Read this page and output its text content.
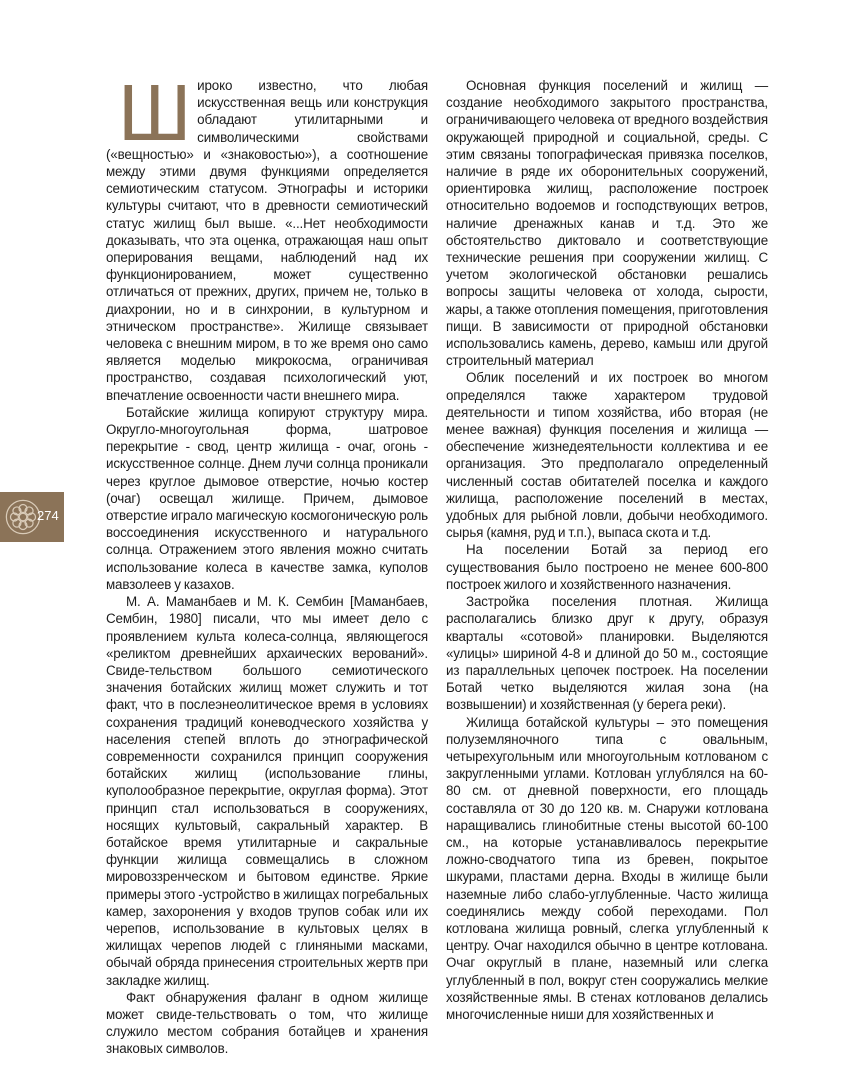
Широко известно, что любая искусственная вещь или конструкция обладают утилитарными и символическими свойствами («вещностью» и «знаковостью»), а соотношение между этими двумя функциями определяется семиотическим статусом. Этнографы и историки культуры считают, что в древности семиотический статус жилищ был выше. «...Нет необходимости доказывать, что эта оценка, отражающая наш опыт оперирования вещами, наблюдений над их функционированием, может существенно отличаться от прежних, других, причем не, только в диахронии, но и в синхронии, в культурном и этническом пространстве». Жилище связывает человека с внешним миром, в то же время оно само является моделью микрокосма, ограничивая пространство, создавая психологический уют, впечатление освоенности части внешнего мира.

Ботайские жилища копируют структуру мира. Округло-многоугольная форма, шатровое перекрытие - свод, центр жилища - очаг, огонь - искусственное солнце. Днем лучи солнца проникали через круглое дымовое отверстие, ночью костер (очаг) освещал жилище. Причем, дымовое отверстие играло магическую космогоническую роль воссоединения искусственного и натурального солнца. Отражением этого явления можно считать использование колеса в качестве замка, куполов мавзолеев у казахов.

М. А. Маманбаев и М. К. Сембин [Маманбаев, Сембин, 1980] писали, что мы имеет дело с проявлением культа колеса-солнца, являющегося «реликтом древнейших архаических верований». Свиде-тельством большого семиотического значения ботайских жилищ может служить и тот факт, что в послеэнеолитическое время в условиях сохранения традиций коневодческого хозяйства у населения степей вплоть до этнографической современности сохранился принцип сооружения ботайских жилищ (использование глины, куполообразное перекрытие, округлая форма). Этот принцип стал использоваться в сооружениях, носящих культовый, сакральный характер. В ботайское время утилитарные и сакральные функции жилища совмещались в сложном мировоззренческом и бытовом единстве. Яркие примеры этого -устройство в жилищах погребальных камер, захоронения у входов трупов собак или их черепов, использование в культовых целях в жилищах черепов людей с глиняными масками, обычай обряда принесения строительных жертв при закладке жилищ.

Факт обнаружения фаланг в одном жилище может свиде-тельствовать о том, что жилище служило местом собрания ботайцев и хранения знаковых символов.

Основная функция поселений и жилищ — создание необходимого закрытого пространства, ограничивающего человека от вредного воздействия окружающей природной и социальной, среды. С этим связаны топографическая привязка поселков, наличие в ряде их оборонительных сооружений, ориентировка жилищ, расположение построек относительно водоемов и господствующих ветров, наличие дренажных канав и т.д. Это же обстоятельство диктовало и соответствующие технические решения при сооружении жилищ. С учетом экологической обстановки решались вопросы защиты человека от холода, сырости, жары, а также отопления помещения, приготовления пищи. В зависимости от природной обстановки использовались камень, дерево, камыш или другой строительный материал

Облик поселений и их построек во многом определялся также характером трудовой деятельности и типом хозяйства, ибо вторая (не менее важная) функция поселения и жилища — обеспечение жизнедеятельности коллектива и ее организация. Это предполагало определенный численный состав обитателей поселка и каждого жилища, расположение поселений в местах, удобных для рыбной ловли, добычи необходимого. сырья (камня, руд и т.п.), выпаса скота и т.д.

На поселении Ботай за период его существования было построено не менее 600-800 построек жилого и хозяйственного назначения.

Застройка поселения плотная. Жилища располагались близко друг к другу, образуя кварталы «сотовой» планировки. Выделяются «улицы» шириной 4-8 и длиной до 50 м., состоящие из параллельных цепочек построек. На поселении Ботай четко выделяются жилая зона (на возвышении) и хозяйственная (у берега реки).

Жилища ботайской культуры – это помещения полуземляночного типа с овальным, четырехугольным или многоугольным котлованом с закругленными углами. Котлован углублялся на 60-80 см. от дневной поверхности, его площадь составляла от 30 до 120 кв. м. Снаружи котлована наращивались глинобитные стены высотой 60-100 см., на которые устанавливалось перекрытие ложно-сводчатого типа из бревен, покрытое шкурами, пластами дерна. Входы в жилище были наземные либо слабо-углубленные. Часто жилища соединялись между собой переходами. Пол котлована жилища ровный, слегка углубленный к центру. Очаг находился обычно в центре котлована. Очаг округлый в плане, наземный или слегка углубленный в пол, вокруг стен сооружались мелкие хозяйственные ямы. В стенах котлованов делались многочисленные ниши для хозяйственных и

274
